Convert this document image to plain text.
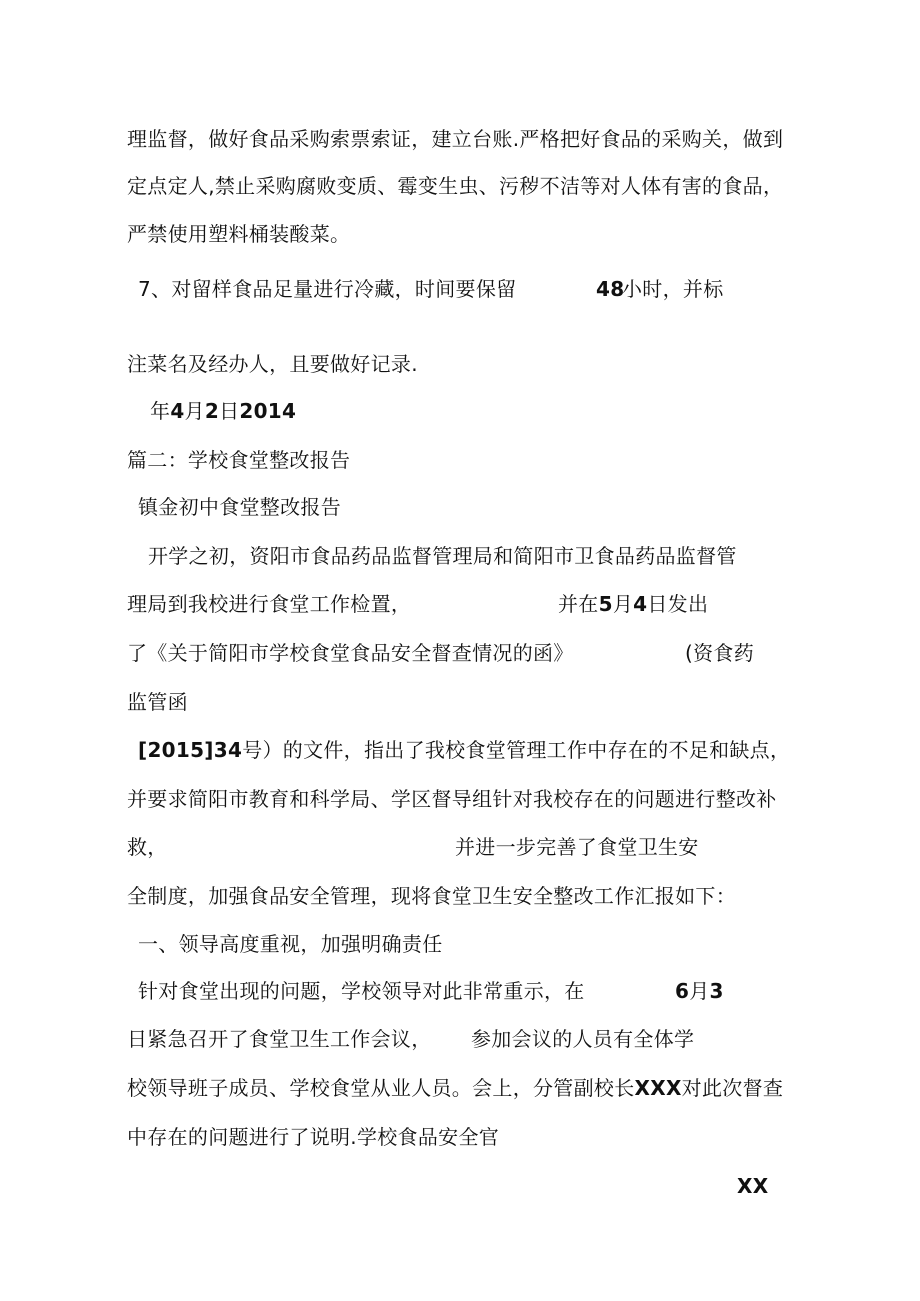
理监督，做好食品采购索票索证，建立台账.严格把好食品的采购关，做到
定点定人,禁止采购腐败变质、霉变生虫、污秽不洁等对人体有害的食品，
严禁使用塑料桶装酸菜。
7、对留样食品足量进行冷藏，时间要保留	48
小时，并标
注菜名及经办人，且要做好记录.
年4月2日2014
篇二：学校食堂整改报告
镇金初中食堂整改报告
开学之初，资阳市食品药品监督管理局和简阳市卫食品药品监督管
理局到我校进行食堂工作检置，	并在5月4日发出
了《关于简阳市学校食堂食品安全督查情况的函》	(资食药
监管函
[2015]34号）的文件，指出了我校食堂管理工作中存在的不足和缺点，
并要求简阳市教育和科学局、学区督导组针对我校存在的问题进行整改补
救，	并进一步完善了食堂卫生安
全制度，加强食品安全管理，现将食堂卫生安全整改工作汇报如下：
一、领导高度重视，加强明确责任
针对食堂出现的问题，学校领导对此非常重示，在	6月3
日紧急召开了食堂卫生工作会议， 参加会议的人员有全体学
校领导班子成员、学校食堂从业人员。会上，分管副校长XXX对此次督查
中存在的问题进行了说明.学校食品安全官
XX
